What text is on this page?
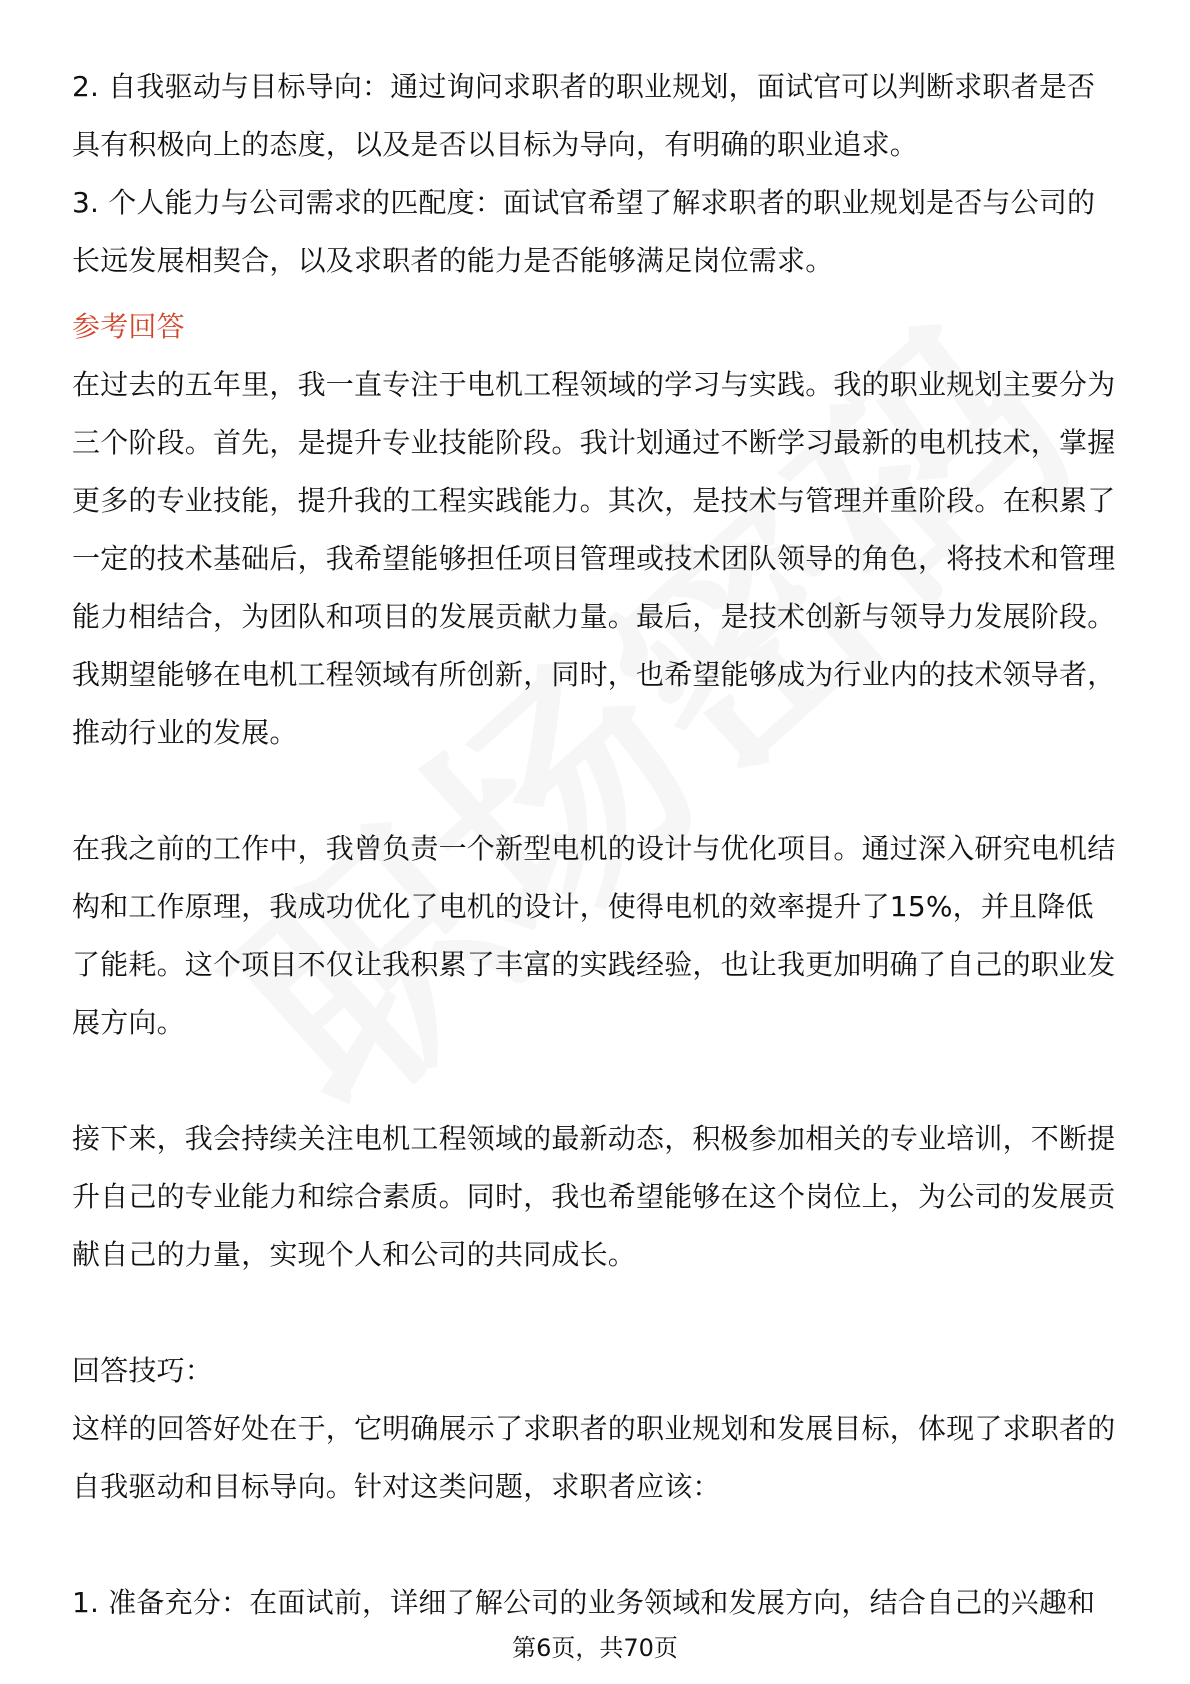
2. 自我驱动与目标导向：通过询问求职者的职业规划，面试官可以判断求职者是否具有积极向上的态度，以及是否以目标为导向，有明确的职业追求。

3. 个人能力与公司需求的匹配度：面试官希望了解求职者的职业规划是否与公司的长远发展相契合，以及求职者的能力是否能够满足岗位需求。

参考回答

在过去的五年里，我一直专注于电机工程领域的学习与实践。我的职业规划主要分为三个阶段。首先，是提升专业技能阶段。我计划通过不断学习最新的电机技术，掌握更多的专业技能，提升我的工程实践能力。其次，是技术与管理并重阶段。在积累了一定的技术基础后，我希望能够担任项目管理或技术团队领导的角色，将技术和管理能力相结合，为团队和项目的发展贡献力量。最后，是技术创新与领导力发展阶段。我期望能够在电机工程领域有所创新，同时，也希望能够成为行业内的技术领导者，推动行业的发展。

在我之前的工作中，我曾负责一个新型电机的设计与优化项目。通过深入研究电机结构和工作原理，我成功优化了电机的设计，使得电机的效率提升了15%，并且降低了能耗。这个项目不仅让我积累了丰富的实践经验，也让我更加明确了自己的职业发展方向。

接下来，我会持续关注电机工程领域的最新动态，积极参加相关的专业培训，不断提升自己的专业能力和综合素质。同时，我也希望能够在这个岗位上，为公司的发展贡献自己的力量，实现个人和公司的共同成长。

回答技巧：

这样的回答好处在于，它明确展示了求职者的职业规划和发展目标，体现了求职者的自我驱动和目标导向。针对这类问题，求职者应该：

1. 准备充分：在面试前，详细了解公司的业务领域和发展方向，结合自己的兴趣和

第6页，共70页
